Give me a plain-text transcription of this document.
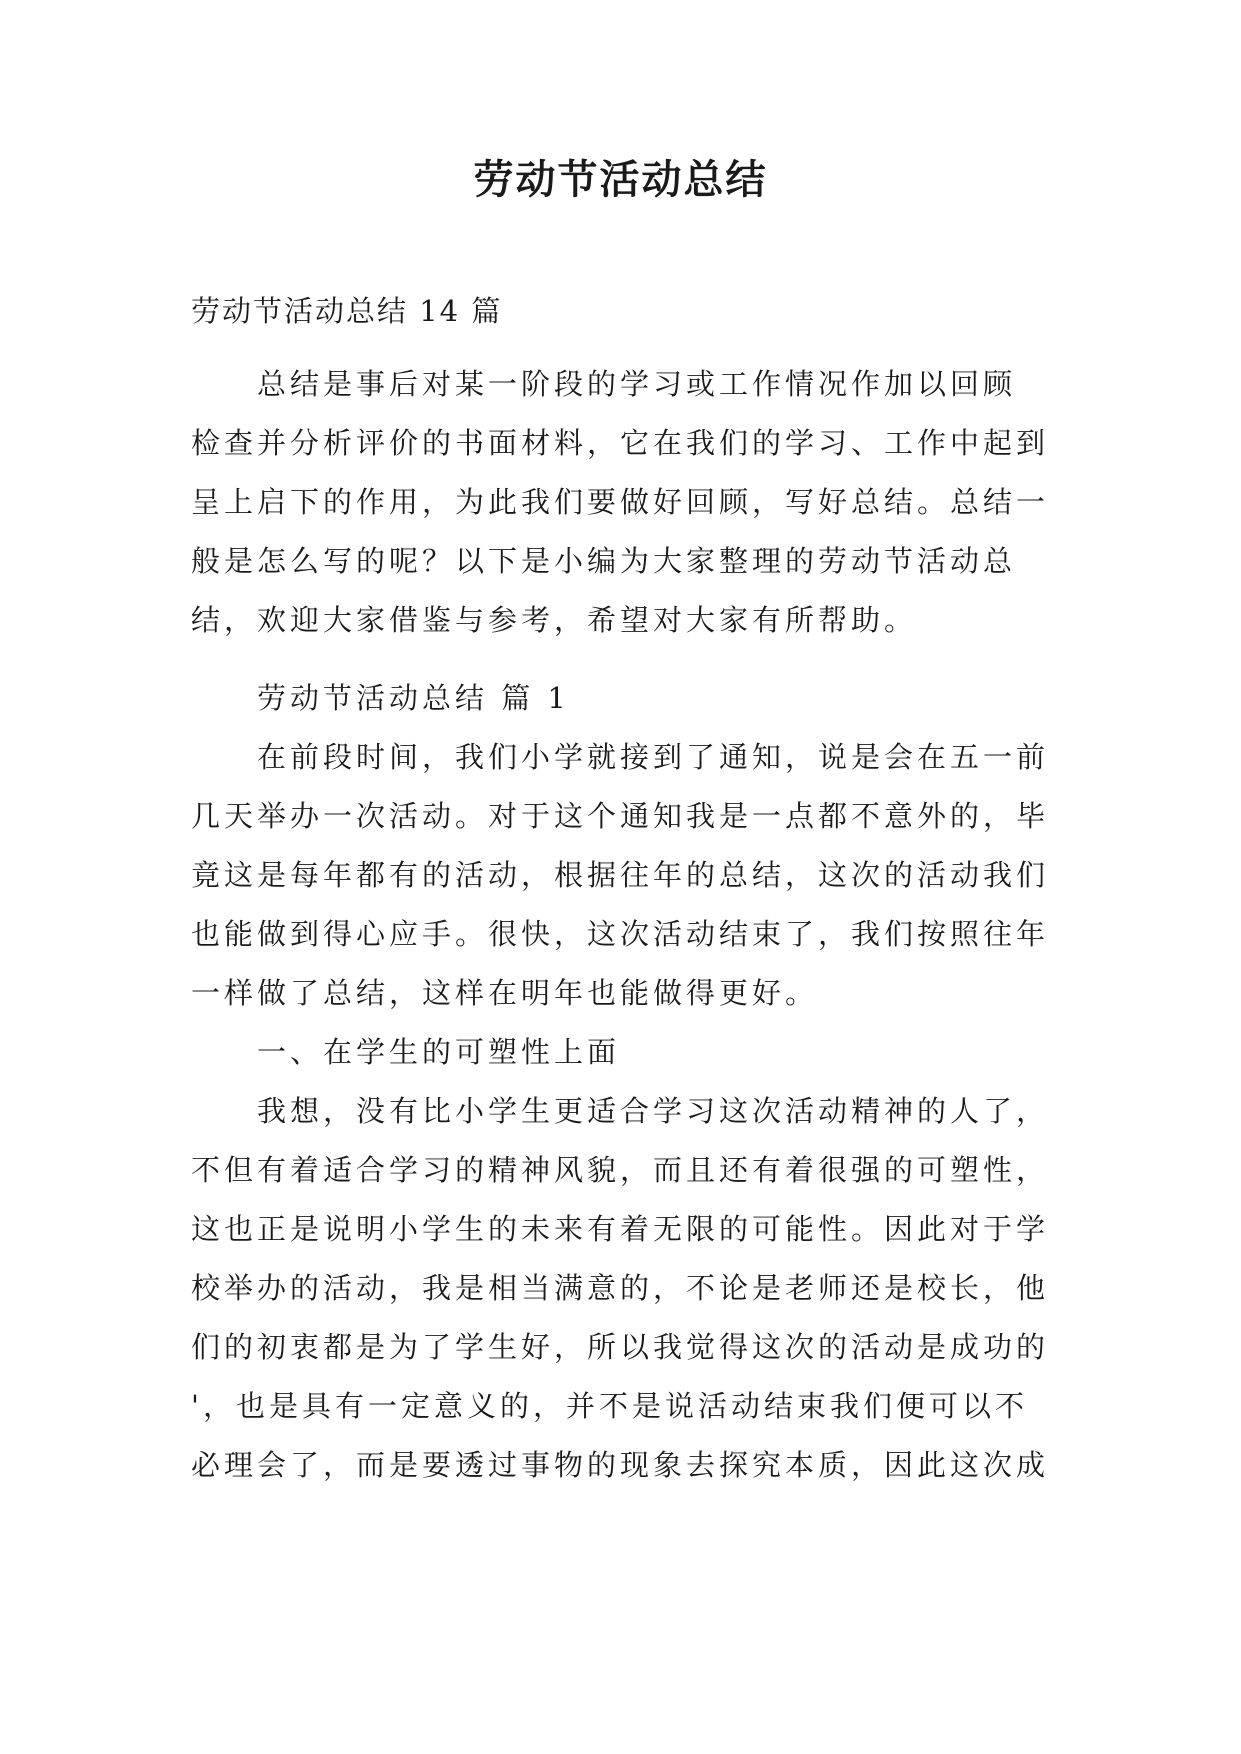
劳动节活动总结
劳动节活动总结 14 篇
总结是事后对某一阶段的学习或工作情况作加以回顾
检查并分析评价的书面材料，它在我们的学习、工作中起到
呈上启下的作用，为此我们要做好回顾，写好总结。总结一
般是怎么写的呢？以下是小编为大家整理的劳动节活动总
结，欢迎大家借鉴与参考，希望对大家有所帮助。
劳动节活动总结 篇 1
在前段时间，我们小学就接到了通知，说是会在五一前
几天举办一次活动。对于这个通知我是一点都不意外的，毕
竟这是每年都有的活动，根据往年的总结，这次的活动我们
也能做到得心应手。很快，这次活动结束了，我们按照往年
一样做了总结，这样在明年也能做得更好。
一、在学生的可塑性上面
我想，没有比小学生更适合学习这次活动精神的人了，
不但有着适合学习的精神风貌，而且还有着很强的可塑性，
这也正是说明小学生的未来有着无限的可能性。因此对于学
校举办的活动，我是相当满意的，不论是老师还是校长，他
们的初衷都是为了学生好，所以我觉得这次的活动是成功的
'，也是具有一定意义的，并不是说活动结束我们便可以不
必理会了，而是要透过事物的现象去探究本质，因此这次成
